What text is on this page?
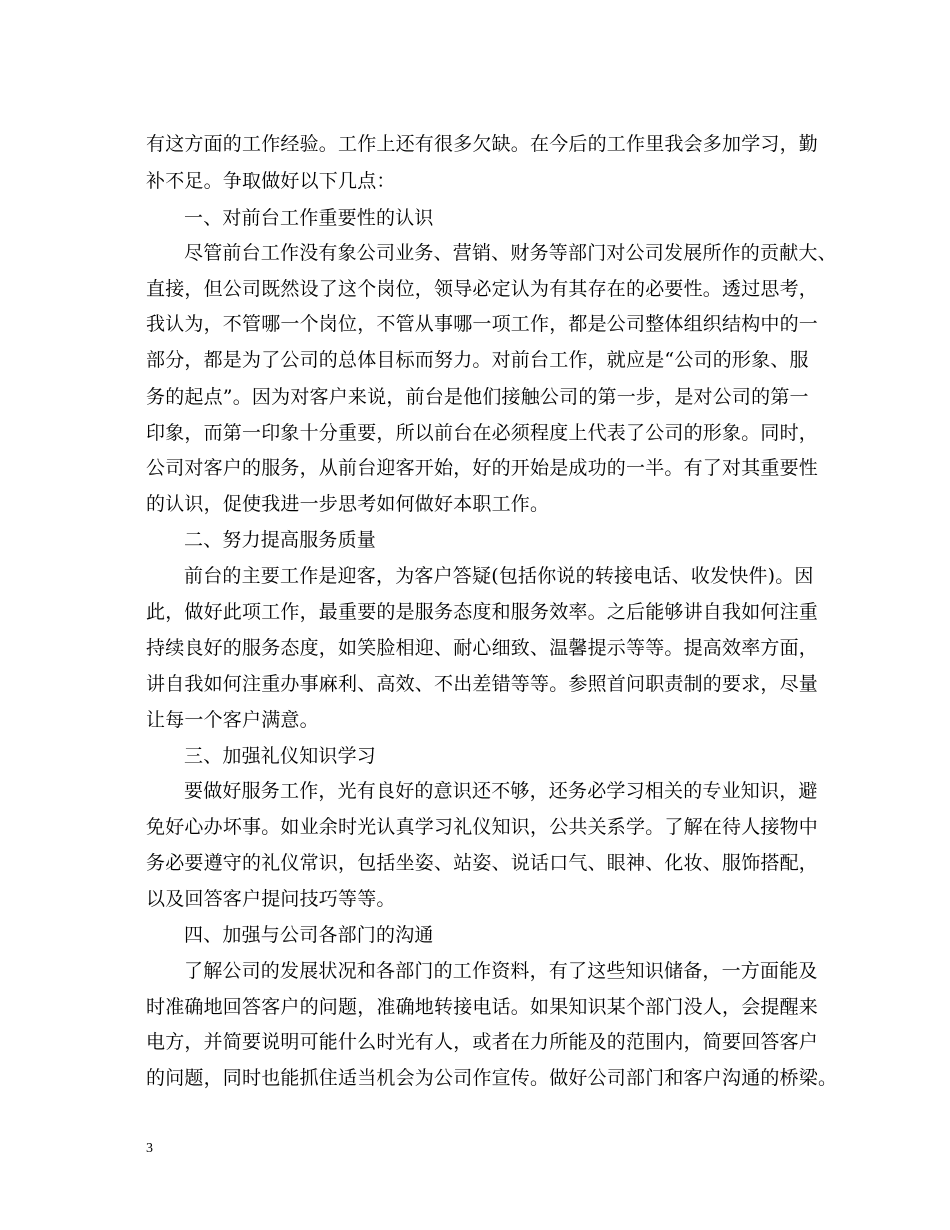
有这方面的工作经验。工作上还有很多欠缺。在今后的工作里我会多加学习，勤
补不足。争取做好以下几点：
一、对前台工作重要性的认识
尽管前台工作没有象公司业务、营销、财务等部门对公司发展所作的贡献大、
直接，但公司既然设了这个岗位，领导必定认为有其存在的必要性。透过思考，
我认为，不管哪一个岗位，不管从事哪一项工作，都是公司整体组织结构中的一
部分，都是为了公司的总体目标而努力。对前台工作，就应是“公司的形象、服
务的起点”。因为对客户来说，前台是他们接触公司的第一步，是对公司的第一
印象，而第一印象十分重要，所以前台在必须程度上代表了公司的形象。同时，
公司对客户的服务，从前台迎客开始，好的开始是成功的一半。有了对其重要性
的认识，促使我进一步思考如何做好本职工作。
二、努力提高服务质量
前台的主要工作是迎客，为客户答疑(包括你说的转接电话、收发快件)。因
此，做好此项工作，最重要的是服务态度和服务效率。之后能够讲自我如何注重
持续良好的服务态度，如笑脸相迎、耐心细致、温馨提示等等。提高效率方面，
讲自我如何注重办事麻利、高效、不出差错等等。参照首问职责制的要求，尽量
让每一个客户满意。
三、加强礼仪知识学习
要做好服务工作，光有良好的意识还不够，还务必学习相关的专业知识，避
免好心办坏事。如业余时光认真学习礼仪知识，公共关系学。了解在待人接物中
务必要遵守的礼仪常识，包括坐姿、站姿、说话口气、眼神、化妆、服饰搭配，
以及回答客户提问技巧等等。
四、加强与公司各部门的沟通
了解公司的发展状况和各部门的工作资料，有了这些知识储备，一方面能及
时准确地回答客户的问题，准确地转接电话。如果知识某个部门没人，会提醒来
电方，并简要说明可能什么时光有人，或者在力所能及的范围内，简要回答客户
的问题，同时也能抓住适当机会为公司作宣传。做好公司部门和客户沟通的桥梁。
3
